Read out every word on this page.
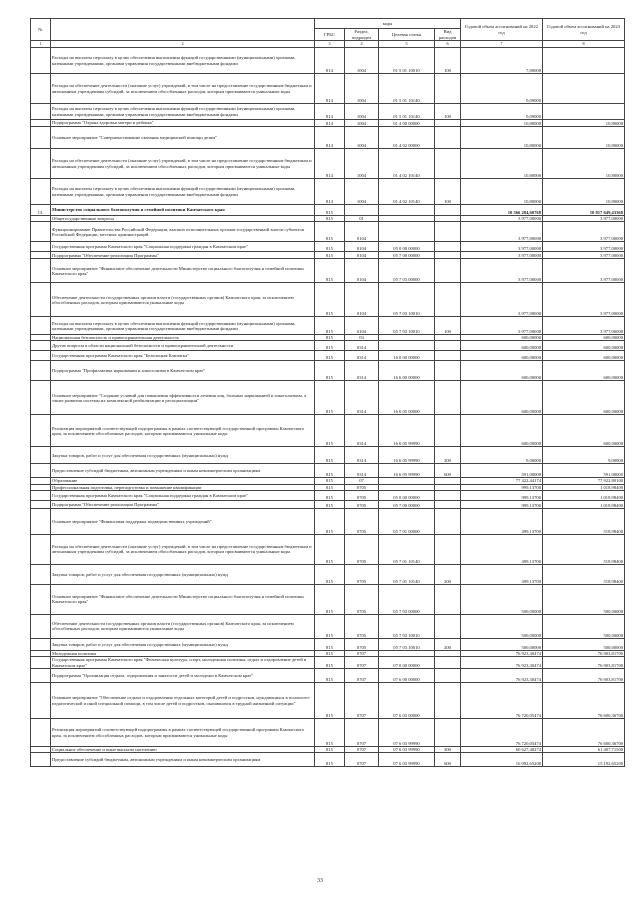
№		коды				Годовой объем ассигнований на 2022 год	Годовой объем ассигнований на 2023 год
		ГРБС	Раздел, подраздел	Целевая статья	Вид расходов		
1	2	3	4	5	6	7	8
	Расходы на выплаты персоналу в целях обеспечения выполнения функций государственными (муниципальными) органами, казенными учреждениями, органами управления государственными внебюджетными фондами	814	1004	01 5 01 10010	100	7,00000	
	Расходы на обеспечение деятельности (оказание услуг) учреждений, в том числе на предоставление государственным бюджетным и автономным учреждениям субсидий, за исключением обособленных расходов, которым присваиваются уникальные коды	814	1004	01 5 01 10140		0,09000	
	Расходы на выплаты персоналу в целях обеспечения выполнения функций государственными (муниципальными) органами, казенными учреждениями, органами управления государственными внебюджетными фондами	814	1004	01 5 01 10140	100	0,09000	
	Подпрограмма "Охрана здоровья матери и ребенка"	814	1004	01 4 00 00000		10,80000	10,80000
	Основное мероприятие "Совершенствование оказания медицинской помощи детям"	814	1004	01 4 02 00000		10,80000	10,80000
	Расходы на обеспечение деятельности (оказание услуг) учреждений, в том числе на предоставление государственным бюджетным и автономным учреждениям субсидий, за исключением обособленных расходов, которым присваиваются уникальные коды	814	1004	01 4 02 10140		10,80000	10,80000
	Расходы на выплаты персоналу в целях обеспечения выполнения функций государственными (муниципальными) органами, казенными учреждениями, органами управления государственными внебюджетными фондами	814	1004	01 4 02 10140	100	10,80000	10,80000
13.	Министерство социального благополучия и семейной политики Камчатского края	815				10 566 284,60768	10 817 649,43368
	Общегосударственные вопросы	815	01			3 977,00000	3 977,00000
	Функционирование Правительства Российской Федерации, высших исполнительных органов государственной власти субъектов Российской Федерации, местных администраций	815	0104			3 977,00000	3 977,00000
	Государственная программа Камчатского края "Социальная поддержка граждан в Камчатском крае"	815	0104	05 0 00 00000		3 977,00000	3 977,00000
	Подпрограмма "Обеспечение реализации Программы"	815	0104	05 7 00 00000		3 977,00000	3 977,00000
	Основное мероприятие "Финансовое обеспечение деятельности Министерства социального благополучия и семейной политики Камчатского края"	815	0104	05 7 03 00000		3 977,00000	3 977,00000
	Обеспечение деятельности государственных органов власти (государственных органов) Камчатского края, за исключением обособленных расходов, которым присваиваются уникальные коды	815	0104	05 7 03 10010		3 977,00000	3 977,00000
	Расходы на выплаты персоналу в целях обеспечения выполнения функций государственными (муниципальными) органами, казенными учреждениями, органами управления государственными внебюджетными фондами	815	0104	05 7 03 10010	100	3 977,00000	3 977,00000
	Национальная безопасность и правоохранительная деятельность	815	03			600,00000	600,00000
	Другие вопросы в области национальной безопасности и правоохранительной деятельности	815	0314			600,00000	600,00000
	Государственная программа Камчатского края "Безопасная Камчатка"	815	0314	16 0 00 00000		600,00000	600,00000
	Подпрограмма "Профилактика наркомании и алкоголизма в Камчатском крае"	815	0314	16 6 00 00000		600,00000	600,00000
	Основное мероприятие "Создание условий для повышения эффективности лечения лиц, больных наркоманией и алкоголизмом, а также развития системы их комплексной реабилитации и ресоциализации"	815	0314	16 6 05 00000		600,00000	600,00000
	Реализация мероприятий соответствующей подпрограммы в рамках соответствующей государственной программы Камчатского края, за исключением обособленных расходов, которым присваиваются уникальные коды	815	0314	16 6 05 99990		600,00000	600,00000
	Закупка товаров, работ и услуг для обеспечения государственных (муниципальных) нужд	815	0314	16 6 05 99990	200	9,00000	9,00000
	Предоставление субсидий бюджетным, автономным учреждениям и иным некоммерческим организациям	815	0314	16 6 05 99990	600	591,00000	591,00000
	Образование	815	07			77 422,44174	77 922,80100
	Профессиональная подготовка, переподготовка и повышение квалификации	815	0705			999,13700	1 018,98400
	Государственная программа Камчатского края "Социальная поддержка граждан в Камчатском крае"	815	0705	05 0 00 00000		999,13700	1 018,98400
	Подпрограмма "Обеспечение реализации Программы"	815	0705	05 7 00 00000		999,13700	1 018,98400
	Основное мероприятие "Финансовая поддержка подведомственных учреждений"	815	0705	05 7 01 00000		499,13700	518,98400
	Расходы на обеспечение деятельности (оказание услуг) учреждений, в том числе на предоставление государственным бюджетным и автономным учреждениям субсидий, за исключением обособленных расходов, которым присваиваются уникальные коды	815	0705	05 7 01 10140		499,13700	518,98400
	Закупка товаров, работ и услуг для обеспечения государственных (муниципальных) нужд	815	0705	05 7 01 10140	200	499,13700	518,98400
	Основное мероприятие "Финансовое обеспечение деятельности Министерства социального благополучия и семейной политики Камчатского края"	815	0705	05 7 03 00000		500,00000	500,00000
	Обеспечение деятельности государственных органов власти (государственных органов) Камчатского края, за исключением обособленных расходов, которым присваиваются уникальные коды	815	0705	05 7 03 10010		500,00000	500,00000
	Закупка товаров, работ и услуг для обеспечения государственных (муниципальных) нужд	815	0705	05 7 03 10010	200	500,00000	500,00000
	Молодежная политика	815	0707			76 923,30474	76 903,81700
	Государственная программа Камчатского края "Физическая культура, спорт, молодежная политика, отдых и оздоровление детей в Камчатском крае"	815	0707	07 0 00 00000		76 923,30474	76 903,81700
	Подпрограмма "Организация отдыха, оздоровления и занятости детей и молодежи в Камчатском крае"	815	0707	07 6 00 00000		76 923,30474	76 903,81700
	Основное мероприятие "Обеспечение отдыха и оздоровления отдельных категорий детей и подростков, нуждающихся в психолого-педагогической и иной специальной помощи, в том числе детей и подростков, оказавшихся в трудной жизненной ситуации"	815	0707	07 6 03 00000		76 720,05474	76 600,36700
	Реализация мероприятий соответствующей подпрограммы в рамках соответствующей государственной программы Камчатского края, за исключением обособленных расходов, которым присваиваются уникальные коды	815	0707	07 6 03 99990		76 720,05474	76 600,36700
	Социальное обеспечение и иные выплаты населению	815	0707	07 6 03 99990	300	60 627,40274	61 407,71500
	Предоставление субсидий бюджетным, автономным учреждениям и иным некоммерческим организациям	815	0707	07 6 03 99990	600	16 092,65200	15 192,65200
33
